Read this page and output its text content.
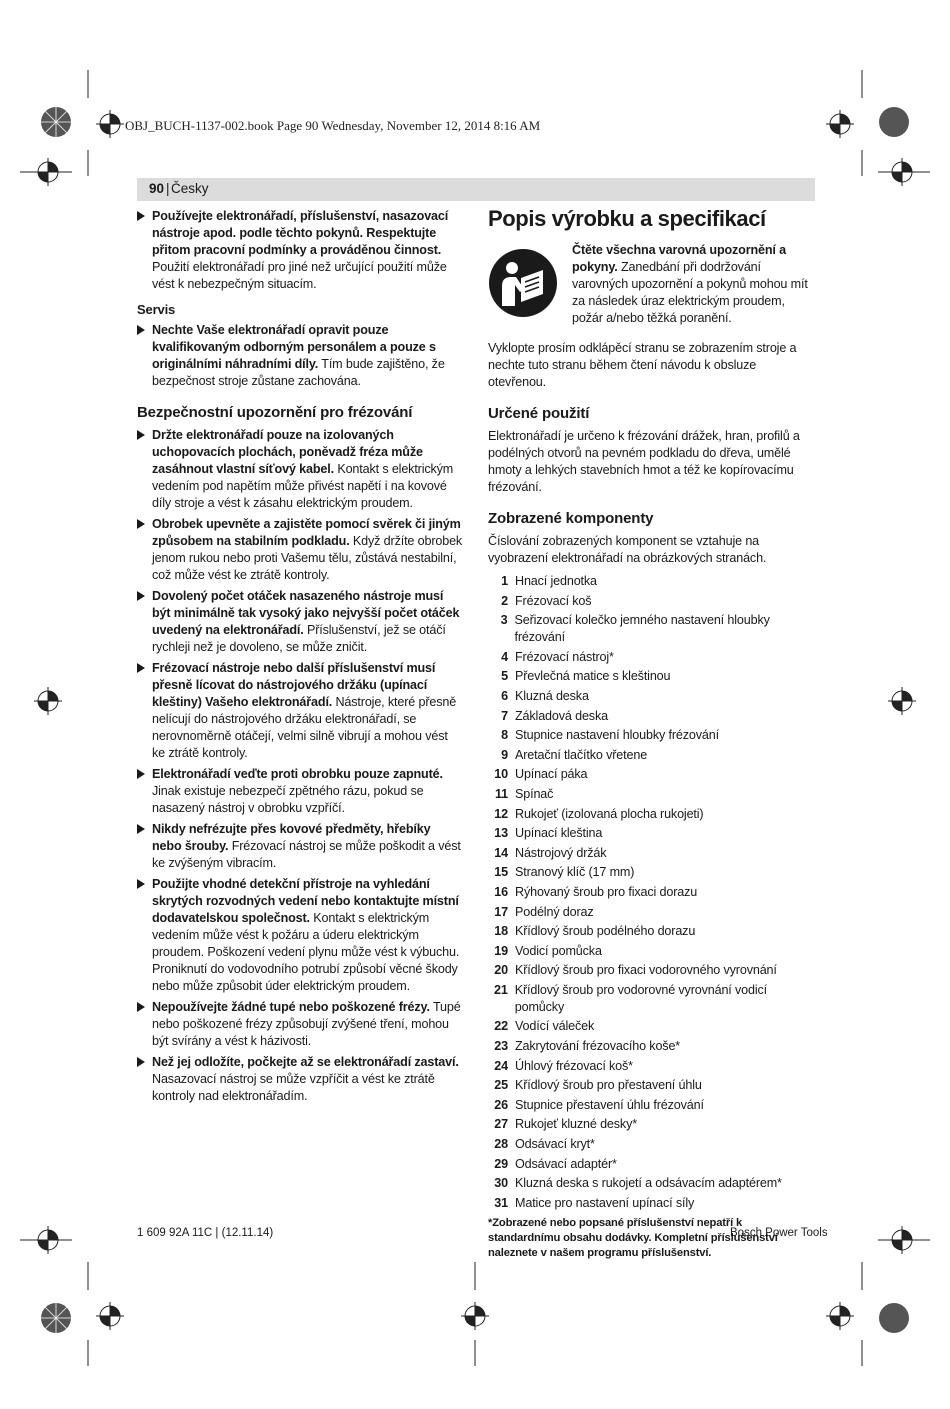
OBJ_BUCH-1137-002.book Page 90 Wednesday, November 12, 2014 8:16 AM
90 | Česky
Používejte elektronářadí, příslušenství, nasazovací nástroje apod. podle těchto pokynů. Respektujte přitom pracovní podmínky a prováděnou činnost. Použití elektronářadí pro jiné než určující použití může vést k nebezpečným situacím.
Servis
Nechte Vaše elektronářadí opravit pouze kvalifikovaným odborným personálem a pouze s originálními náhradními díly. Tím bude zajištěno, že bezpečnost stroje zůstane zachována.
Bezpečnostní upozornění pro frézování
Držte elektronářadí pouze na izolovaných uchopovacích plochách, poněvadž fréza může zasáhnout vlastní síťový kabel. Kontakt s elektrickým vedením pod napětím může přivést napětí i na kovové díly stroje a vést k zásahu elektrickým proudem.
Obrobek upevněte a zajistěte pomocí svěrek či jiným způsobem na stabilním podkladu. Když držíte obrobek jenom rukou nebo proti Vašemu tělu, zůstává nestabilní, což může vést ke ztrátě kontroly.
Dovolený počet otáček nasazeného nástroje musí být minimálně tak vysoký jako nejvyšší počet otáček uvedený na elektronářadí. Příslušenství, jež se otáčí rychleji než je dovoleno, se může zničit.
Frézovací nástroje nebo další příslušenství musí přesně lícovat do nástrojového držáku (upínací kleštiny) Vašeho elektronářadí. Nástroje, které přesně nelícují do nástrojového držáku elektronářadí, se nerovnoměrně otáčejí, velmi silně vibrují a mohou vést ke ztrátě kontroly.
Elektronářadí veďte proti obrobku pouze zapnuté. Jinak existuje nebezpečí zpětného rázu, pokud se nasazený nástroj v obrobku vzpříčí.
Nikdy nefrézujte přes kovové předměty, hřebíky nebo šrouby. Frézovací nástroj se může poškodit a vést ke zvýšeným vibracím.
Použijte vhodné detekční přístroje na vyhledání skrytých rozvodných vedení nebo kontaktujte místní dodavatelskou společnost. Kontakt s elektrickým vedením může vést k požáru a úderu elektrickým proudem. Poškození vedení plynu může vést k výbuchu. Proniknutí do vodovodního potrubí způsobí věcné škody nebo může způsobit úder elektrickým proudem.
Nepoužívejte žádné tupé nebo poškozené frézy. Tupé nebo poškozené frézy způsobují zvýšené tření, mohou být svírány a vést k házivosti.
Než jej odložíte, počkejte až se elektronářadí zastaví. Nasazovací nástroj se může vzpříčit a vést ke ztrátě kontroly nad elektronářadím.
Popis výrobku a specifikací
Čtěte všechna varovná upozornění a pokyny. Zanedbání při dodržování varovných upozornění a pokynů mohou mít za následek úraz elektrickým proudem, požár a/nebo těžká poranění.

Vyklopte prosím odklápěcí stranu se zobrazením stroje a nechte tuto stranu během čtení návodu k obsluze otevřenou.

Určené použití

Elektronářadí je určeno k frézování drážek, hran, profilů a podélných otvorů na pevném podkladu do dřeva, umělé hmoty a lehkých stavebních hmot a též ke kopírovacímu frézování.

Zobrazené komponenty

Číslování zobrazených komponent se vztahuje na vyobrazení elektronářadí na obrázkových stranách.

1 Hnací jednotka
2 Frézovací koš
3 Seřizovací kolečko jemného nastavení hloubky frézování
4 Frézovací nástroj*
5 Převlečná matice s kleštinou
6 Kluzná deska
7 Základová deska
8 Stupnice nastavení hloubky frézování
9 Aretační tlačítko vřetene
10 Upínací páka
11 Spínač
12 Rukojeť (izolovaná plocha rukojeti)
13 Upínací kleština
14 Nástrojový držák
15 Stranový klíč (17 mm)
16 Rýhovaný šroub pro fixaci dorazu
17 Podélný doraz
18 Křídlový šroub podélného dorazu
19 Vodicí pomůcka
20 Křídlový šroub pro fixaci vodorovného vyrovnání
21 Křídlový šroub pro vodorovné vyrovnání vodicí pomůcky
22 Vodící váleček
23 Zakrytování frézovacího koše*
24 Úhlový frézovací koš*
25 Křídlový šroub pro přestavení úhlu
26 Stupnice přestavení úhlu frézování
27 Rukojeť kluzné desky*
28 Odsávací kryt*
29 Odsávací adaptér*
30 Kluzná deska s rukojetí a odsávacím adaptérem*
31 Matice pro nastavení upínací síly
*Zobrazené nebo popsané příslušenství nepatří k standardnímu obsahu dodávky. Kompletní příslušenství naleznete v našem programu příslušenství.
1 609 92A 11C | (12.11.14)	Bosch Power Tools
